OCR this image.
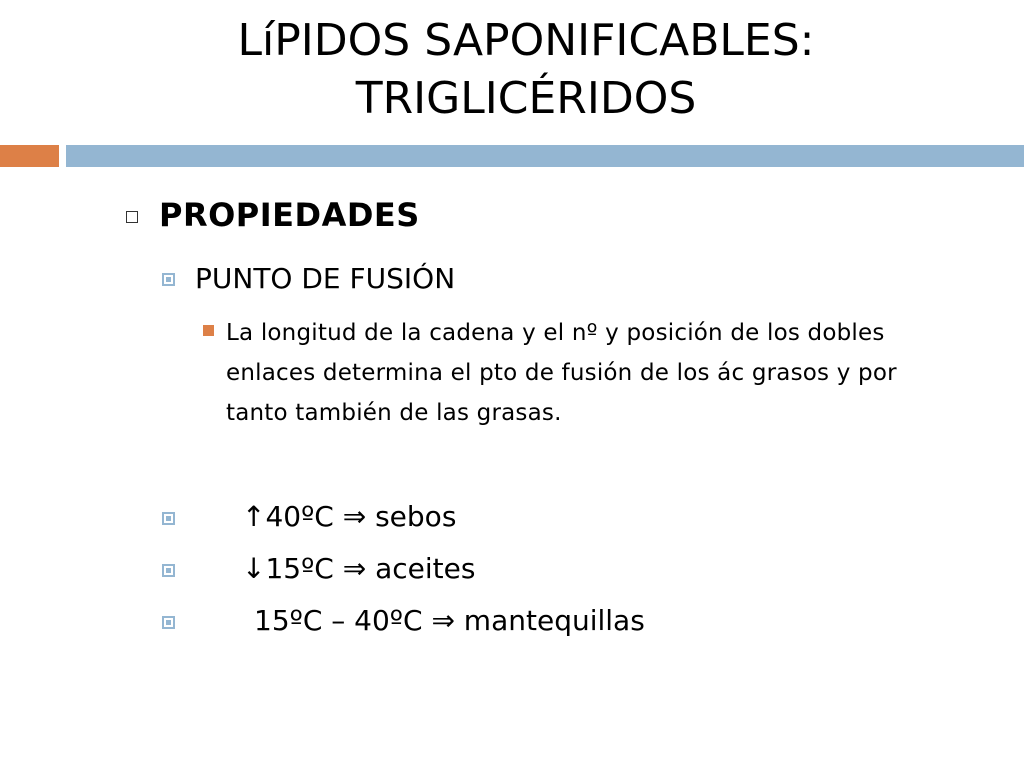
LíPIDOS SAPONIFICABLES:
TRIGLICÉRIDOS
PROPIEDADES
PUNTO DE FUSIÓN
La longitud de la cadena y el nº y posición de los dobles enlaces determina el pto de fusión de los ác grasos y por tanto también de las grasas.
↑40ºC ⇒ sebos
↓15ºC ⇒ aceites
15ºC – 40ºC ⇒ mantequillas
